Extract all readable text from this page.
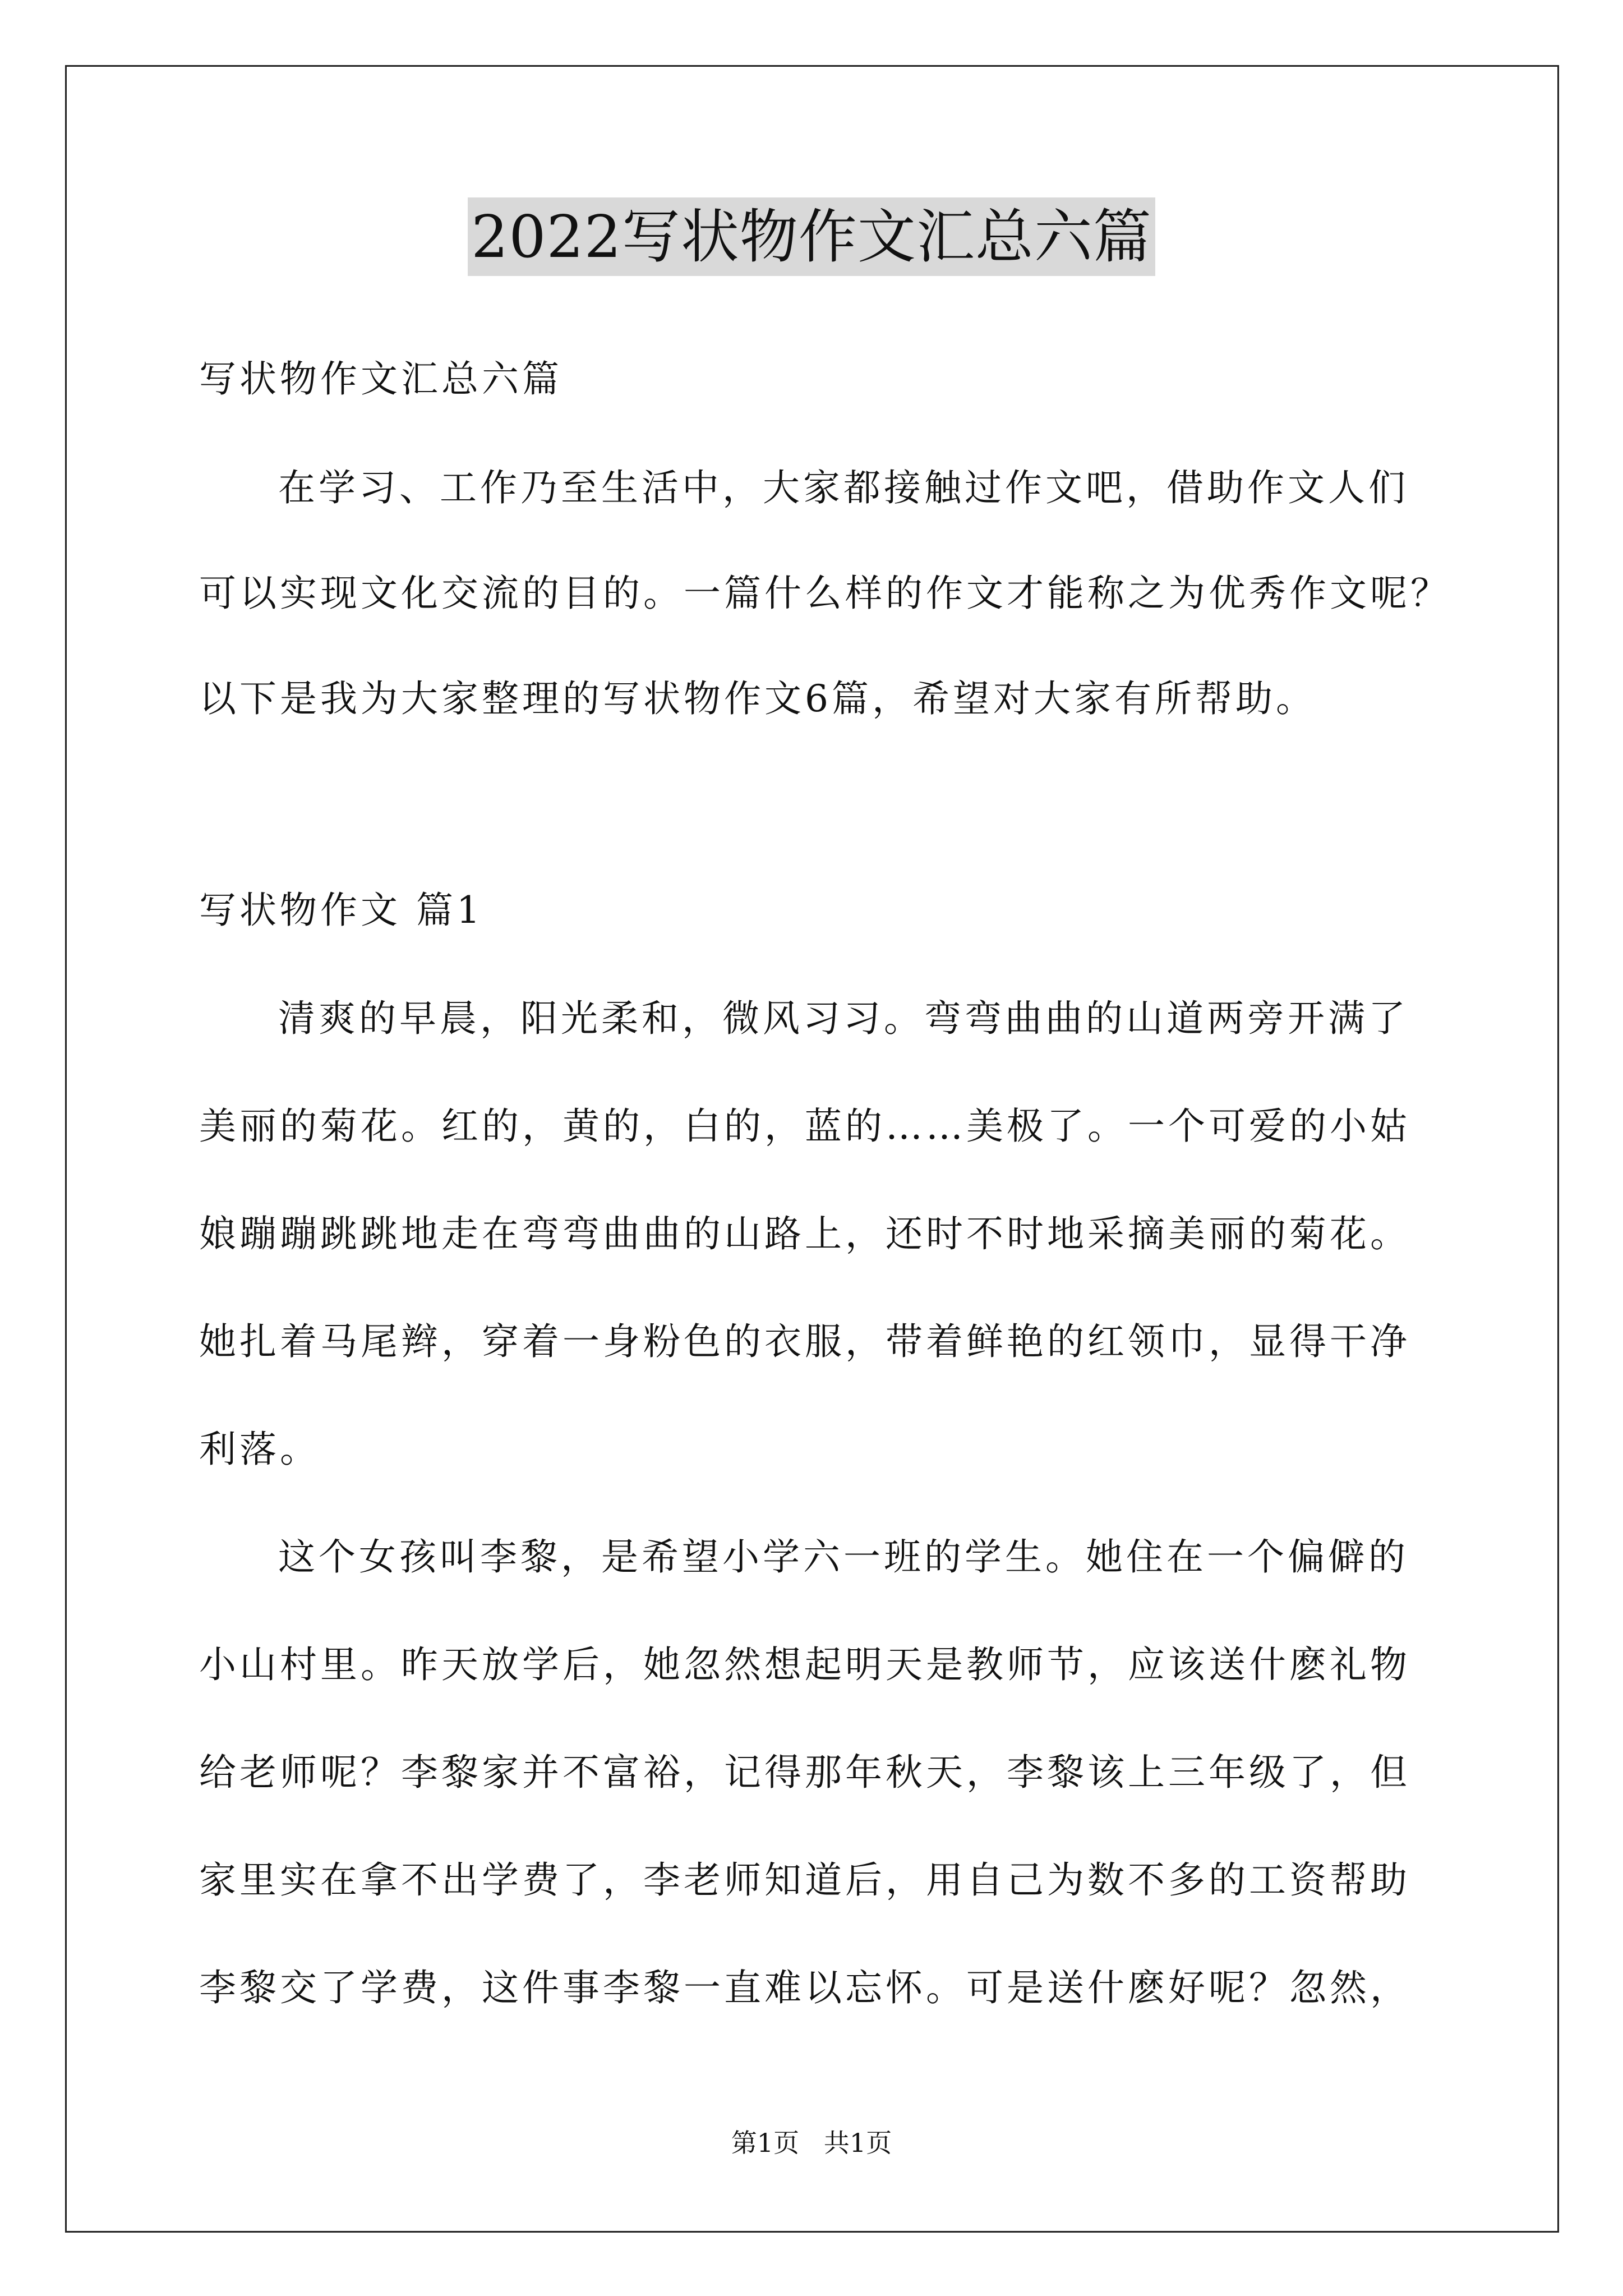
2022写状物作文汇总六篇
写状物作文汇总六篇
在学习、工作乃至生活中，大家都接触过作文吧，借助作文人们
可以实现文化交流的目的。一篇什么样的作文才能称之为优秀作文呢？
以下是我为大家整理的写状物作文6篇，希望对大家有所帮助。
写状物作文 篇1
清爽的早晨，阳光柔和，微风习习。弯弯曲曲的山道两旁开满了
美丽的菊花。红的，黄的，白的，蓝的……美极了。一个可爱的小姑
娘蹦蹦跳跳地走在弯弯曲曲的山路上，还时不时地采摘美丽的菊花。
她扎着马尾辫，穿着一身粉色的衣服，带着鲜艳的红领巾，显得干净
利落。
这个女孩叫李黎，是希望小学六一班的学生。她住在一个偏僻的
小山村里。昨天放学后，她忽然想起明天是教师节，应该送什麽礼物
给老师呢？李黎家并不富裕，记得那年秋天，李黎该上三年级了，但
家里实在拿不出学费了，李老师知道后，用自己为数不多的工资帮助
李黎交了学费，这件事李黎一直难以忘怀。可是送什麽好呢？忽然，
第1页   共1页
